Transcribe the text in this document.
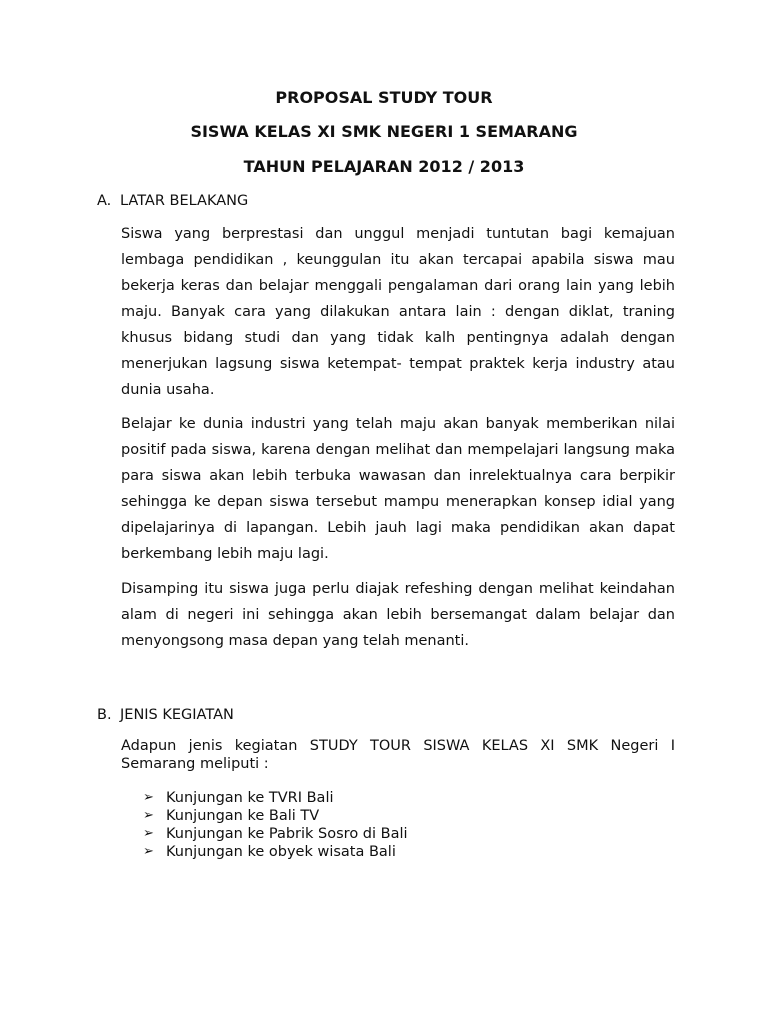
PROPOSAL STUDY TOUR
SISWA KELAS XI SMK NEGERI 1 SEMARANG
TAHUN PELAJARAN 2012 / 2013
A. LATAR BELAKANG

Siswa yang berprestasi dan unggul menjadi tuntutan bagi kemajuan lembaga pendidikan , keunggulan itu akan tercapai apabila siswa mau bekerja keras dan belajar menggali pengalaman dari orang lain yang lebih maju. Banyak cara yang dilakukan antara lain : dengan diklat, traning khusus bidang studi dan yang tidak kalh pentingnya adalah dengan menerjukan lagsung siswa ketempat- tempat praktek kerja industry atau dunia usaha.

Belajar ke dunia industri yang telah maju akan banyak memberikan nilai positif pada siswa, karena dengan melihat dan mempelajari langsung maka para siswa akan lebih terbuka wawasan dan inrelektualnya cara berpikir sehingga ke depan siswa tersebut mampu menerapkan konsep idial yang dipelajarinya di lapangan. Lebih jauh lagi maka pendidikan akan dapat berkembang lebih maju lagi.

Disamping itu siswa juga perlu diajak refeshing dengan melihat keindahan alam di negeri ini sehingga akan lebih bersemangat dalam belajar dan menyongsong masa depan yang telah menanti.

B. JENIS KEGIATAN

Adapun jenis kegiatan STUDY TOUR SISWA KELAS XI SMK Negeri I Semarang meliputi :

➢ Kunjungan ke TVRI Bali
➢ Kunjungan ke Bali TV
➢ Kunjungan ke Pabrik Sosro di Bali
➢ Kunjungan ke obyek wisata Bali
